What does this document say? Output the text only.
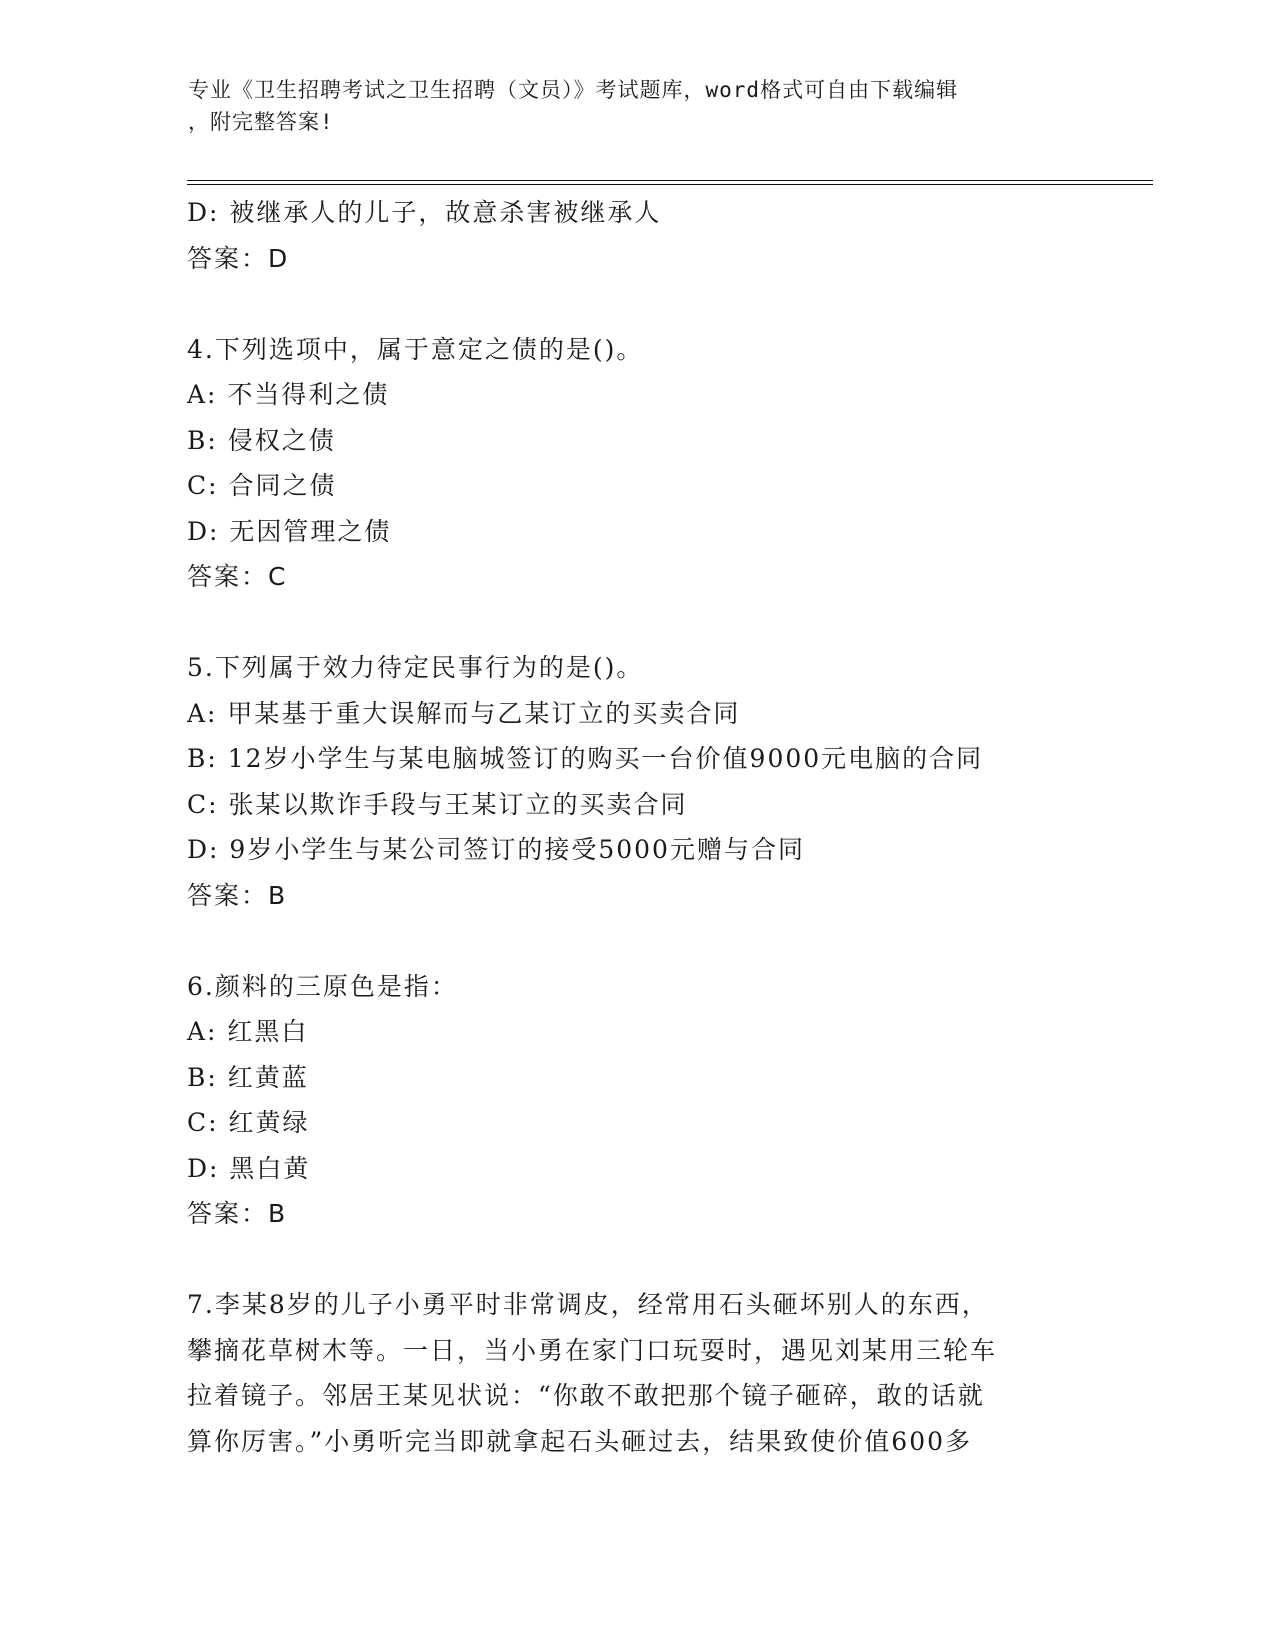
专业《卫生招聘考试之卫生招聘（文员）》考试题库，word格式可自由下载编辑
，附完整答案!
D: 被继承人的儿子，故意杀害被继承人
答案：D
4.下列选项中，属于意定之债的是()。
A: 不当得利之债
B: 侵权之债
C: 合同之债
D: 无因管理之债
答案：C
5.下列属于效力待定民事行为的是()。
A: 甲某基于重大误解而与乙某订立的买卖合同
B: 12岁小学生与某电脑城签订的购买一台价值9000元电脑的合同
C: 张某以欺诈手段与王某订立的买卖合同
D: 9岁小学生与某公司签订的接受5000元赠与合同
答案：B
6.颜料的三原色是指：
A: 红黑白
B: 红黄蓝
C: 红黄绿
D: 黑白黄
答案：B
7.李某8岁的儿子小勇平时非常调皮，经常用石头砸坏别人的东西，
攀摘花草树木等。一日，当小勇在家门口玩耍时，遇见刘某用三轮车
拉着镜子。邻居王某见状说：“你敢不敢把那个镜子砸碎，敢的话就
算你厉害。”小勇听完当即就拿起石头砸过去，结果致使价值600多
